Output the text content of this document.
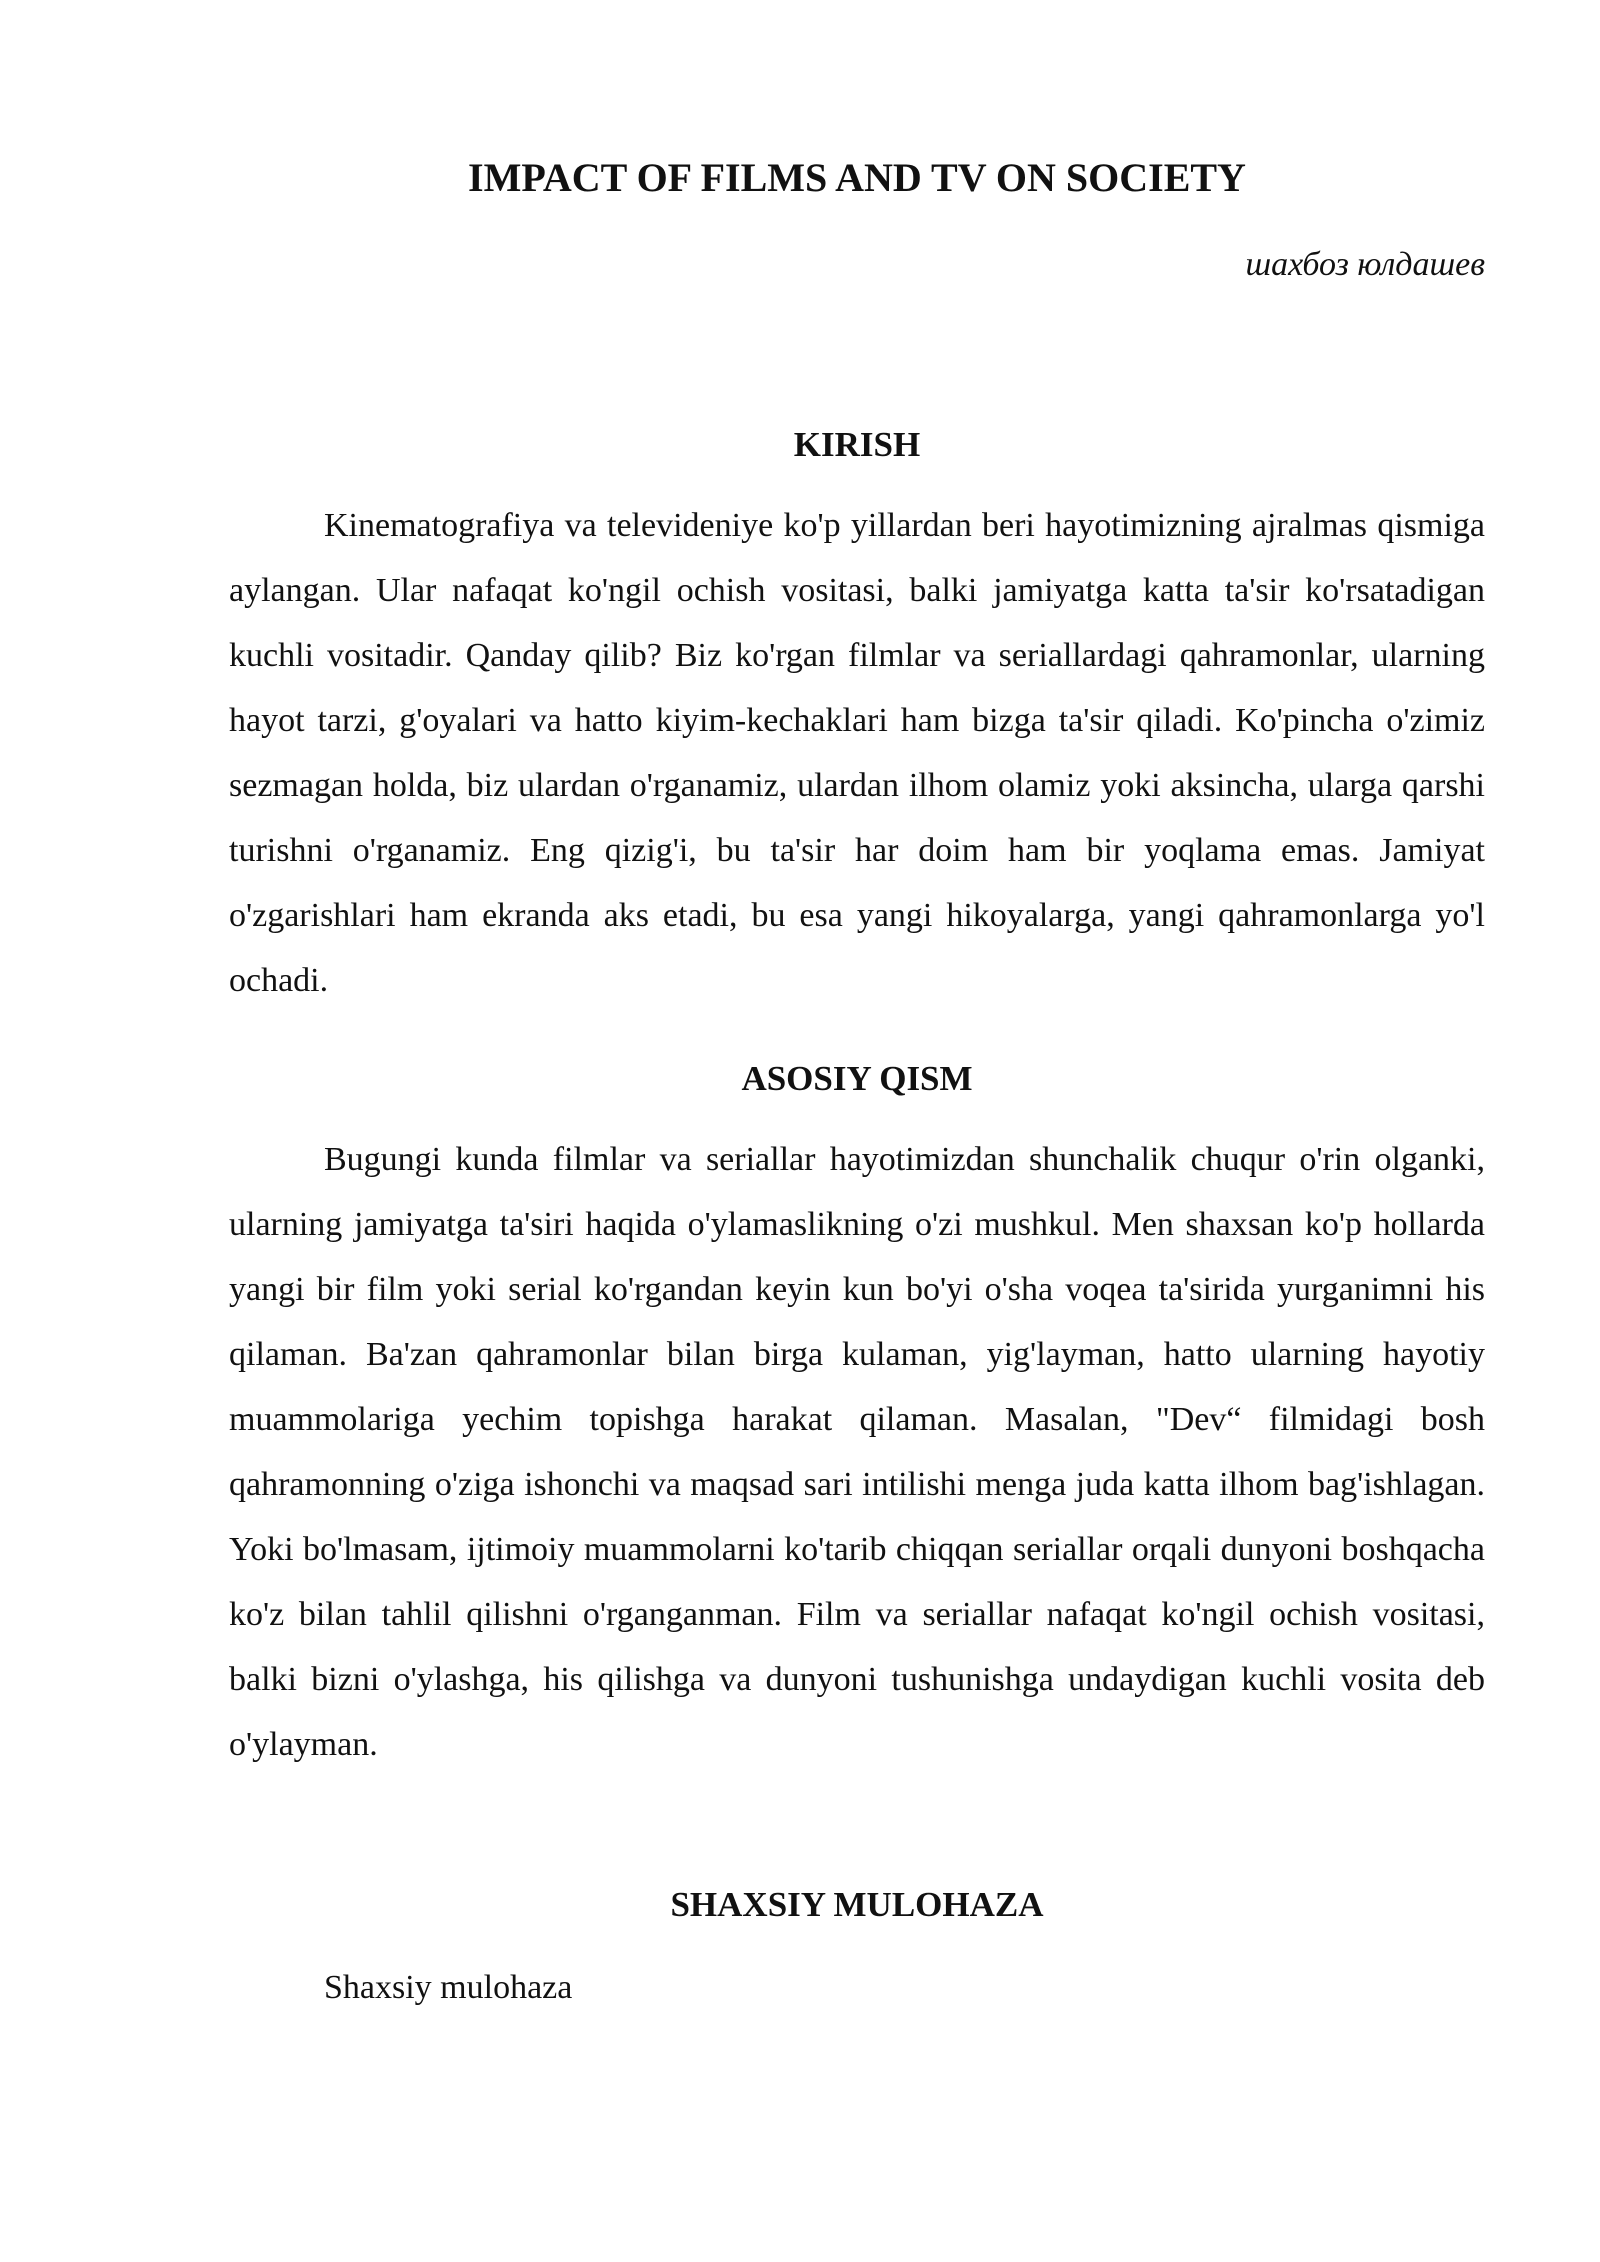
IMPACT OF FILMS AND TV ON SOCIETY

шахбоз юлдашев

KIRISH

Kinematografiya va televideniye ko'p yillardan beri hayotimizning ajralmas qismiga aylangan. Ular nafaqat ko'ngil ochish vositasi, balki jamiyatga katta ta'sir ko'rsatadigan kuchli vositadir. Qanday qilib? Biz ko'rgan filmlar va seriallardagi qahramonlar, ularning hayot tarzi, g'oyalari va hatto kiyim-kechaklari ham bizga ta'sir qiladi. Ko'pincha o'zimiz sezmagan holda, biz ulardan o'rganamiz, ulardan ilhom olamiz yoki aksincha, ularga qarshi turishni o'rganamiz. Eng qizig'i, bu ta'sir har doim ham bir yoqlama emas. Jamiyat o'zgarishlari ham ekranda aks etadi, bu esa yangi hikoyalarga, yangi qahramonlarga yo'l ochadi.

ASOSIY QISM

Bugungi kunda filmlar va seriallar hayotimizdan shunchalik chuqur o'rin olganki, ularning jamiyatga ta'siri haqida o'ylamaslikning o'zi mushkul. Men shaxsan ko'p hollarda yangi bir film yoki serial ko'rgandan keyin kun bo'yi o'sha voqea ta'sirida yurganimni his qilaman. Ba'zan qahramonlar bilan birga kulaman, yig'layman, hatto ularning hayotiy muammolariga yechim topishga harakat qilaman. Masalan, "Dev“ filmidagi bosh qahramonning o'ziga ishonchi va maqsad sari intilishi menga juda katta ilhom bag'ishlagan. Yoki bo'lmasam, ijtimoiy muammolarni ko'tarib chiqqan seriallar orqali dunyoni boshqacha ko'z bilan tahlil qilishni o'rganganman. Film va seriallar nafaqat ko'ngil ochish vositasi, balki bizni o'ylashga, his qilishga va dunyoni tushunishga undaydigan kuchli vosita deb o'ylayman.

SHAXSIY MULOHAZA

Shaxsiy mulohaza
